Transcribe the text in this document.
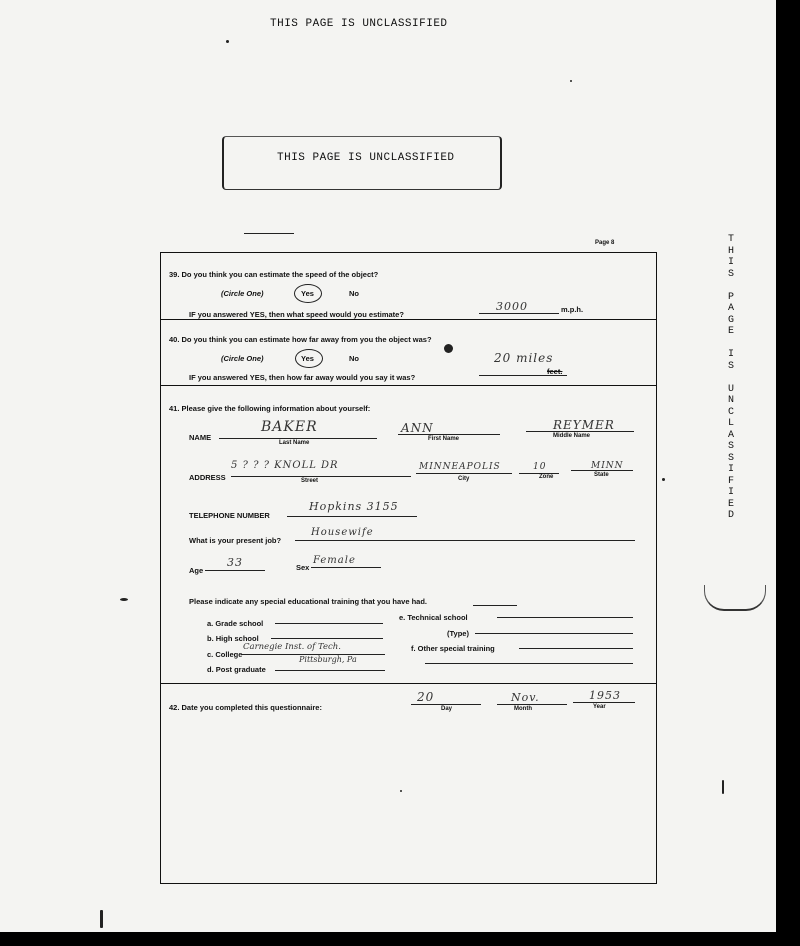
THIS PAGE IS UNCLASSIFIED
THIS PAGE IS UNCLASSIFIED
T
H
I
S

P
A
G
E

I
S

U
N
C
L
A
S
S
I
F
I
E
D
Page 8
39. Do you think you can estimate the speed of the object?
(Circle One)	Yes	No
IF you answered YES, then what speed would you estimate?
3000	m.p.h.
40. Do you think you can estimate how far away from you the object was?
(Circle One)	Yes	No
IF you answered YES, then how far away would you say it was?
20 miles
feet.
41. Please give the following information about yourself:
NAME
BAKER
Last Name
ANN
First Name
REYMER
Middle Name
ADDRESS
5 ? ? ? KNOLL DR
Street
MINNEAPOLIS
City
10
Zone
MINN
State
TELEPHONE NUMBER
Hopkins 3155
What is your present job?
Housewife
Age
33	Sex
Female
Please indicate any special educational training that you have had.
a. Grade school
b. High school
c. College
Carnegie Inst. of Tech.
Pittsburgh, Pa
d. Post graduate
e. Technical school
(Type)
f. Other special training
42. Date you completed this questionnaire:
20
Day
Nov.
Month
1953
Year
